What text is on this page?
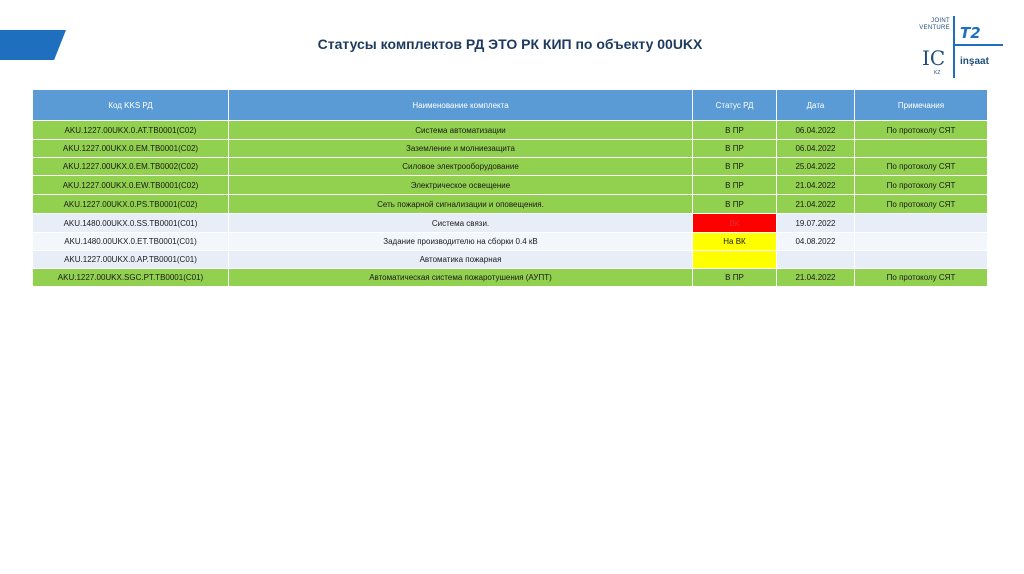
Статусы комплектов РД ЭТО РК КИП по объекту 00UKX
JOINT
VENTURE T2
IC
KZ
inşaat
Код KKS РД	Наименование комплекта	Статус РД	Дата	Примечания
AKU.1227.00UKX.0.AT.TB0001(C02)	Система автоматизации	В ПР	06.04.2022	По протоколу СЯТ
AKU.1227.00UKX.0.EM.TB0001(C02)	Заземление и молниезащита	В ПР	06.04.2022	
AKU.1227.00UKX.0.EM.TB0002(C02)	Силовое электрооборудование	В ПР	25.04.2022	По протоколу СЯТ
AKU.1227.00UKX.0.EW.TB0001(C02)	Электрическое освещение	В ПР	21.04.2022	По протоколу СЯТ
AKU.1227.00UKX.0.PS.TB0001(C02)	Сеть пожарной сигнализации и оповещения.	В ПР	21.04.2022	По протоколу СЯТ
AKU.1480.00UKX.0.SS.TB0001(C01)	Система связи.	ВК	19.07.2022	
AKU.1480.00UKX.0.ET.TB0001(C01)	Задание производителю на сборки 0.4 кВ	На ВК	04.08.2022	
AKU.1227.00UKX.0.AP.TB0001(C01)	Автоматика пожарная			
AKU.1227.00UKX.SGC.PT.TB0001(C01)	Автоматическая система пожаротушения (АУПТ)	В ПР	21.04.2022	По протоколу СЯТ
